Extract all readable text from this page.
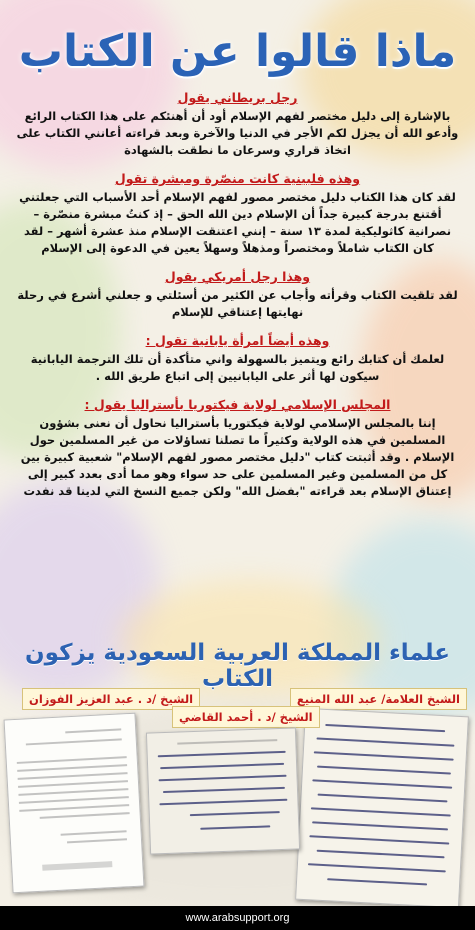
ماذا قالوا عن الكتاب
رجل بريطاني يقول

بالإشارة إلى دليل مختصر لفهم الإسلام أود أن أهنئكم على هذا الكتاب الرائع وأدعو الله أن يجزل لكم الأجر في الدنيا والآخرة وبعد قراءته أعانني الكتاب على اتخاذ قراري وسرعان ما نطقت بالشهادة

وهذه فلبينية كانت منصّرة ومبشرة تقول

لقد كان هذا الكتاب دليل مختصر مصور لفهم الإسلام أحد الأسباب التي جعلتني أقتنع بدرجة كبيرة جداً أن الإسلام دين الله الحق – إذ كنتُ مبشرة منصّرة – نصرانية كاثوليكية لمدة ١٣ سنة – إنني اعتنقت الإسلام منذ عشرة أشهر – لقد كان الكتاب شاملاً ومختصراً ومذهلاً وسهلاً يعين في الدعوة إلى الإسلام

وهذا رجل أمريكي يقول

لقد تلقيت الكتاب وقرأته وأجاب عن الكثير من أسئلتي و جعلني أشرع في رحلة نهايتها إعتناقي للإسلام

وهذه أيضاً امرأة يابانية تقول :

لعلمك أن كتابك رائع ويتميز بالسهولة واني متأكدة أن تلك الترجمة اليابانية سيكون لها أثر على اليابانيين إلى اتباع طريق الله .

المجلس الإسلامي لولاية فيكتوريا بأستراليا يقول :

إننا بالمجلس الإسلامي لولاية فيكتوريا بأستراليا نحاول أن نعنى بشؤون المسلمين في هذه الولاية وكثيراً ما تصلنا تساؤلات من غير المسلمين حول الإسلام . وقد أثبتت كتاب "دليل مختصر مصور لفهم الإسلام" شعبية كبيرة بين كل من المسلمين وغير المسلمين على حد سواء وهو مما أدى بعدد كبير إلى إعتناق الإسلام بعد قراءته "بفضل الله" ولكن جميع النسخ التي لدينا قد نفدت

علماء المملكة العربية السعودية يزكون الكتاب
الشيخ العلامة/ عبد الله المنيع
الشيخ /د . عبد العزيز الفوزان
الشيخ /د . أحمد القاضي
www.arabsupport.org
